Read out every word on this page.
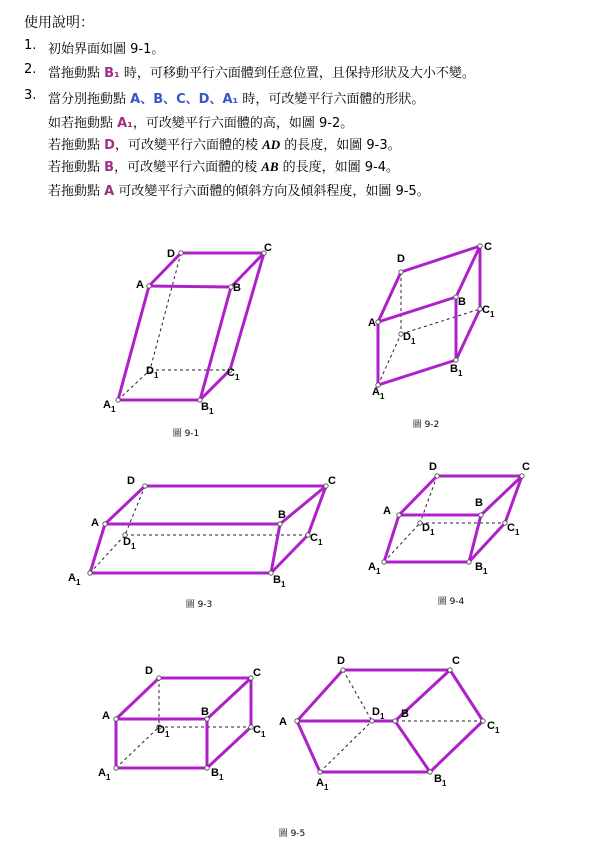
使用說明：
1. 初始界面如圖 9-1。
2. 當拖動點 B₁ 時，可移動平行六面體到任意位置，且保持形狀及大小不變。
3. 當分別拖動點 A、B、C、D、A₁ 時，可改變平行六面體的形狀。
如若拖動點 A₁，可改變平行六面體的高，如圖 9-2。
若拖動點 D，可改變平行六面體的棱 AD 的長度，如圖 9-3。
若拖動點 B，可改變平行六面體的棱 AB 的長度，如圖 9-4。
若拖動點 A 可改變平行六面體的傾斜方向及傾斜程度，如圖 9-5。
A	B
C
D
$A_1$	$B_1$
$C_1$
$D_1$
圖 9-1
A
B
C
D
$A_1$
$B_1$
$C_1$
$D_1$
圖 9-2
A
B
C
D
$A_1$	$B_1$
$C_1$
$D_1$
圖 9-3
A
B
C
D
$A_1$	$B_1$
$C_1$
$D_1$
圖 9-4
A	B
C
D
$A_1$	$B_1$
$C_1$
$D_1$
A
B
C
D
$A_1$
$B_1$
$C_1$
$D_1$
圖 9-5
